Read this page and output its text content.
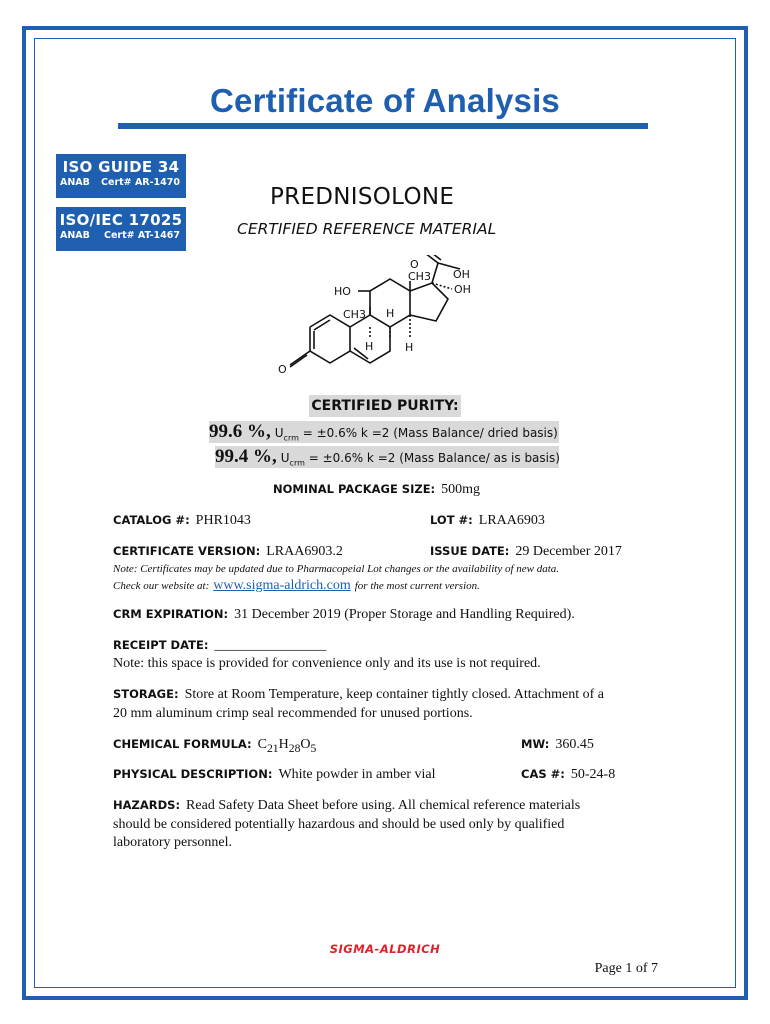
Certificate of Analysis
ISO GUIDE 34
ANAB Cert# AR-1470
ISO/IEC 17025
ANAB Cert# AT-1467
PREDNISOLONE
CERTIFIED REFERENCE MATERIAL
CH3 OH
OH
O
HO
CH3 H
H	H
O
CERTIFIED PURITY:
99.6 %, $U_{crm} = \pm 0.6\%$ k =2 (Mass Balance/ dried basis)
99.4 %, $U_{crm} = \pm 0.6\%$ k =2 (Mass Balance/ as is basis)
NOMINAL PACKAGE SIZE: 500mg
CATALOG #: PHR1043	LOT #: LRAA6903
CERTIFICATE VERSION: LRAA6903.2	ISSUE DATE: 29 December 2017
Note: Certificates may be updated due to Pharmacopeial Lot changes or the availability of new data.
Check our website at: www.sigma-aldrich.com for the most current version.
CRM EXPIRATION: 31 December 2019 (Proper Storage and Handling Required).
RECEIPT DATE: ________________
Note: this space is provided for convenience only and its use is not required.
STORAGE: Store at Room Temperature, keep container tightly closed. Attachment of a
20 mm aluminum crimp seal recommended for unused portions.
CHEMICAL FORMULA: $C_{21}H_{28}O_5$	MW: 360.45
PHYSICAL DESCRIPTION: White powder in amber vial	CAS #: 50-24-8
HAZARDS: Read Safety Data Sheet before using. All chemical reference materials
should be considered potentially hazardous and should be used only by qualified
laboratory personnel.
SIGMA-ALDRICH
Page 1 of 7
